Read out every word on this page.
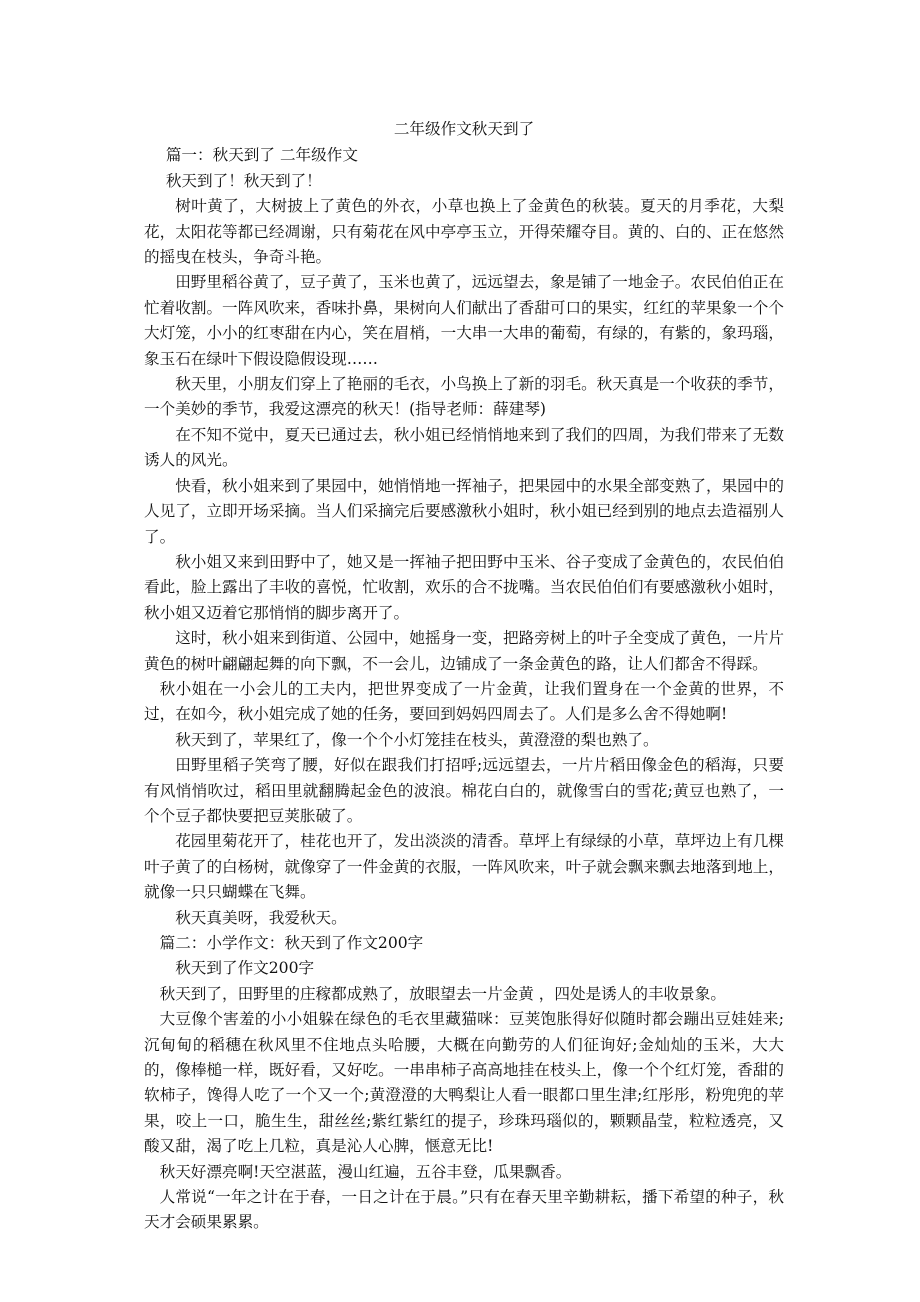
二年级作文秋天到了

篇一：秋天到了 二年级作文

秋天到了！秋天到了！

树叶黄了，大树披上了黄色的外衣，小草也换上了金黄色的秋装。夏天的月季花，大梨花，太阳花等都已经凋谢，只有菊花在风中亭亭玉立，开得荣耀夺目。黄的、白的、正在悠然的摇曳在枝头，争奇斗艳。

田野里稻谷黄了，豆子黄了，玉米也黄了，远远望去，象是铺了一地金子。农民伯伯正在忙着收割。一阵风吹来，香味扑鼻，果树向人们献出了香甜可口的果实，红红的苹果象一个个大灯笼，小小的红枣甜在内心，笑在眉梢，一大串一大串的葡萄，有绿的，有紫的，象玛瑙，象玉石在绿叶下假设隐假设现……

秋天里，小朋友们穿上了艳丽的毛衣，小鸟换上了新的羽毛。秋天真是一个收获的季节，一个美妙的季节，我爱这漂亮的秋天！(指导老师：薛建琴)

在不知不觉中，夏天已通过去，秋小姐已经悄悄地来到了我们的四周，为我们带来了无数诱人的风光。

快看，秋小姐来到了果园中，她悄悄地一挥袖子，把果园中的水果全部变熟了，果园中的人见了，立即开场采摘。当人们采摘完后要感激秋小姐时，秋小姐已经到别的地点去造福别人了。

秋小姐又来到田野中了，她又是一挥袖子把田野中玉米、谷子变成了金黄色的，农民伯伯看此，脸上露出了丰收的喜悦，忙收割，欢乐的合不拢嘴。当农民伯伯们有要感激秋小姐时，秋小姐又迈着它那悄悄的脚步离开了。

这时，秋小姐来到街道、公园中，她摇身一变，把路旁树上的叶子全变成了黄色，一片片黄色的树叶翩翩起舞的向下飘，不一会儿，边铺成了一条金黄色的路，让人们都舍不得踩。

秋小姐在一小会儿的工夫内，把世界变成了一片金黄，让我们置身在一个金黄的世界，不过，在如今，秋小姐完成了她的任务，要回到妈妈四周去了。人们是多么舍不得她啊!

秋天到了，苹果红了，像一个个小灯笼挂在枝头，黄澄澄的梨也熟了。

田野里稻子笑弯了腰，好似在跟我们打招呼;远远望去，一片片稻田像金色的稻海，只要有风悄悄吹过，稻田里就翻腾起金色的波浪。棉花白白的，就像雪白的雪花;黄豆也熟了，一个个豆子都快要把豆荚胀破了。

花园里菊花开了，桂花也开了，发出淡淡的清香。草坪上有绿绿的小草，草坪边上有几棵叶子黄了的白杨树，就像穿了一件金黄的衣服，一阵风吹来，叶子就会飘来飘去地落到地上，就像一只只蝴蝶在飞舞。

秋天真美呀，我爱秋天。

篇二：小学作文：秋天到了作文200字

秋天到了作文200字

秋天到了，田野里的庄稼都成熟了，放眼望去一片金黄 ，四处是诱人的丰收景象。

大豆像个害羞的小小姐躲在绿色的毛衣里藏猫咪：豆荚饱胀得好似随时都会蹦出豆娃娃来;沉甸甸的稻穗在秋风里不住地点头哈腰，大概在向勤劳的人们征询好;金灿灿的玉米，大大的，像棒槌一样，既好看，又好吃。一串串柿子高高地挂在枝头上，像一个个红灯笼，香甜的软柿子，馋得人吃了一个又一个;黄澄澄的大鸭梨让人看一眼都口里生津;红彤彤，粉兜兜的苹果，咬上一口，脆生生，甜丝丝;紫红紫红的提子，珍珠玛瑙似的，颗颗晶莹，粒粒透亮，又酸又甜，渴了吃上几粒，真是沁人心脾，惬意无比!

秋天好漂亮啊!天空湛蓝，漫山红遍，五谷丰登，瓜果飘香。

人常说“一年之计在于春，一日之计在于晨。”只有在春天里辛勤耕耘，播下希望的种子，秋天才会硕果累累。
